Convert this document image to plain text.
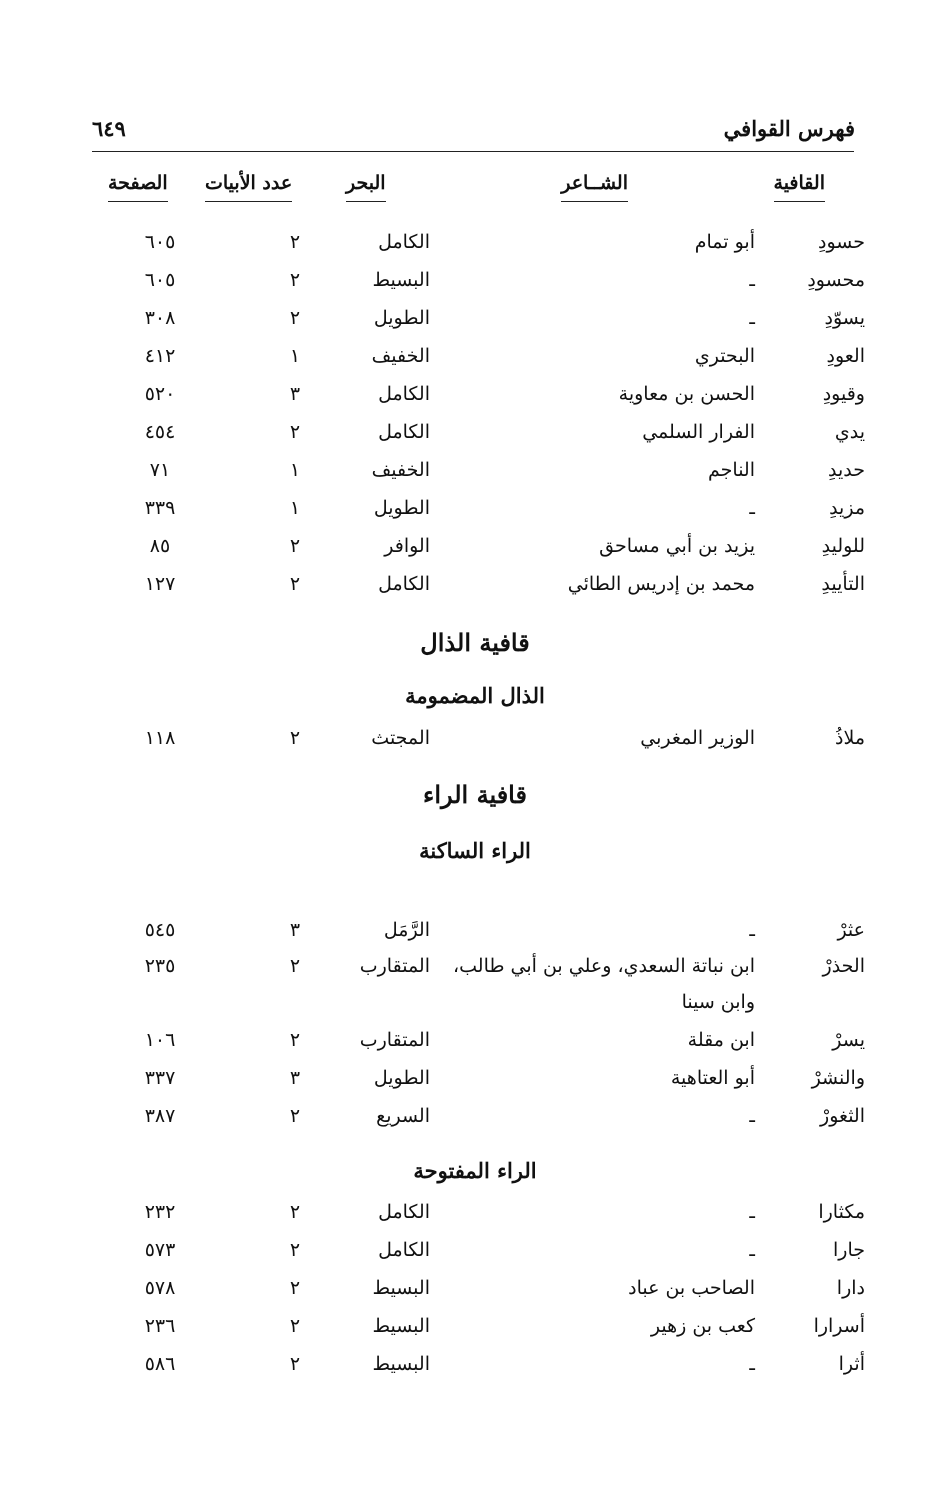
فهرس القوافي
٦٤٩
القافية
الشــاعر
البحر
عدد الأبيات
الصفحة
حسودِ
أبو تمام
الكامل
٢
٦٠٥
محسودِ
ـ
البسيط
٢
٦٠٥
يسوّدِ
ـ
الطويل
٢
٣٠٨
العودِ
البحتري
الخفيف
١
٤١٢
وقيودِ
الحسن بن معاوية
الكامل
٣
٥٢٠
يدي
الفرار السلمي
الكامل
٢
٤٥٤
حديدِ
الناجم
الخفيف
١
٧١
مزيدِ
ـ
الطويل
١
٣٣٩
للوليدِ
يزيد بن أبي مساحق
الوافر
٢
٨٥
التأييدِ
محمد بن إدريس الطائي
الكامل
٢
١٢٧
ملاذُ
الوزير المغربي
المجتث
٢
١١٨
عثرْ
ـ
الرَّمَل
٣
٥٤٥
الحذرْ
ابن نباتة السعدي، وعلي بن أبي طالب،
المتقارب
٢
٢٣٥
وابن سينا
يسرْ
ابن مقلة
المتقارب
٢
١٠٦
والنشرْ
أبو العتاهية
الطويل
٣
٣٣٧
الثغورْ
ـ
السريع
٢
٣٨٧
مكثارا
ـ
الكامل
٢
٢٣٢
جارا
ـ
الكامل
٢
٥٧٣
دارا
الصاحب بن عباد
البسيط
٢
٥٧٨
أسرارا
كعب بن زهير
البسيط
٢
٢٣٦
أثرا
ـ
البسيط
٢
٥٨٦
قافية الذال
الذال المضمومة
قافية الراء
الراء الساكنة
الراء المفتوحة
